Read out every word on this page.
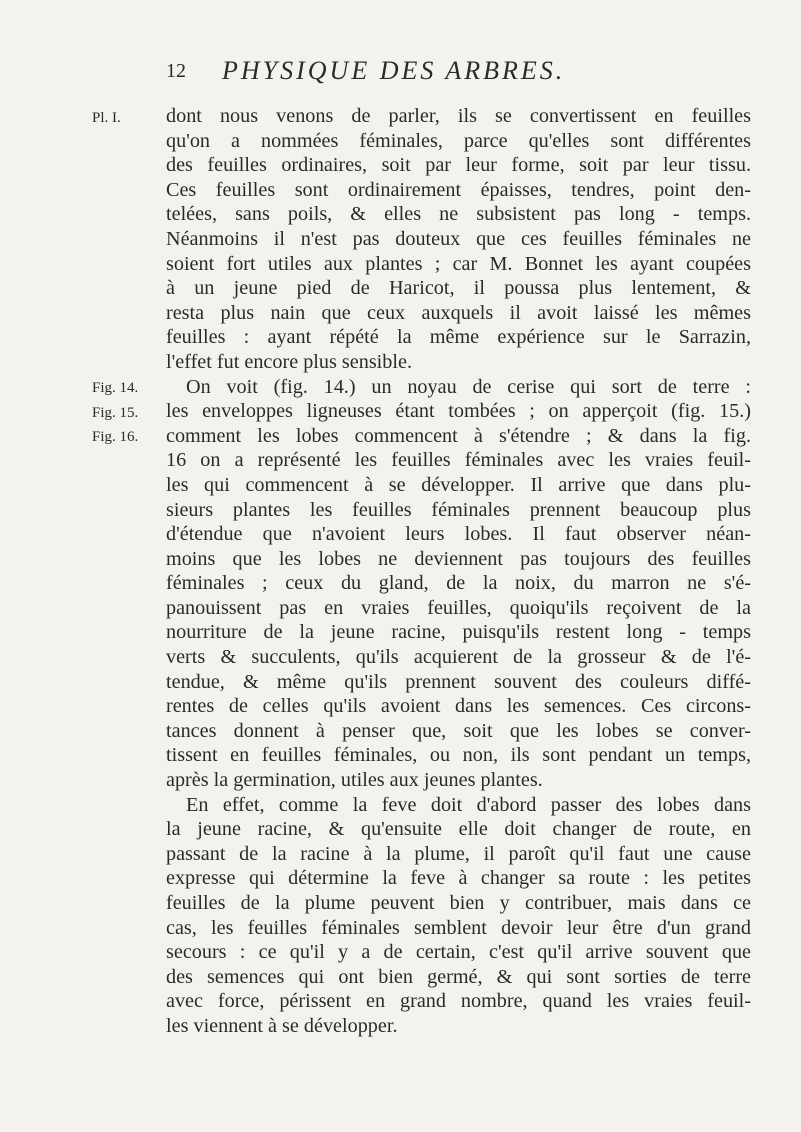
12 PHYSIQUE DES ARBRES.
Pl. I.
Fig. 14.
Fig. 15.
Fig. 16.
dont nous venons de parler, ils se convertissent en feuilles
qu'on a nommées féminales, parce qu'elles sont différentes
des feuilles ordinaires, soit par leur forme, soit par leur tissu.
Ces feuilles sont ordinairement épaisses, tendres, point den-
telées, sans poils, & elles ne subsistent pas long - temps.
Néanmoins il n'est pas douteux que ces feuilles féminales ne
soient fort utiles aux plantes ; car M. Bonnet les ayant coupées
à un jeune pied de Haricot, il poussa plus lentement, &
resta plus nain que ceux auxquels il avoit laissé les mêmes
feuilles : ayant répété la même expérience sur le Sarrazin,
l'effet fut encore plus sensible.
On voit (fig. 14.) un noyau de cerise qui sort de terre :
les enveloppes ligneuses étant tombées ; on apperçoit (fig. 15.)
comment les lobes commencent à s'étendre ; & dans la fig.
16 on a représenté les feuilles féminales avec les vraies feuil-
les qui commencent à se développer. Il arrive que dans plu-
sieurs plantes les feuilles féminales prennent beaucoup plus
d'étendue que n'avoient leurs lobes. Il faut observer néan-
moins que les lobes ne deviennent pas toujours des feuilles
féminales ; ceux du gland, de la noix, du marron ne s'é-
panouissent pas en vraies feuilles, quoiqu'ils reçoivent de la
nourriture de la jeune racine, puisqu'ils restent long - temps
verts & succulents, qu'ils acquierent de la grosseur & de l'é-
tendue, & même qu'ils prennent souvent des couleurs diffé-
rentes de celles qu'ils avoient dans les semences. Ces circons-
tances donnent à penser que, soit que les lobes se conver-
tissent en feuilles féminales, ou non, ils sont pendant un temps,
après la germination, utiles aux jeunes plantes.
En effet, comme la feve doit d'abord passer des lobes dans
la jeune racine, & qu'ensuite elle doit changer de route, en
passant de la racine à la plume, il paroît qu'il faut une cause
expresse qui détermine la feve à changer sa route : les petites
feuilles de la plume peuvent bien y contribuer, mais dans ce
cas, les feuilles féminales semblent devoir leur être d'un grand
secours : ce qu'il y a de certain, c'est qu'il arrive souvent que
des semences qui ont bien germé, & qui sont sorties de terre
avec force, périssent en grand nombre, quand les vraies feuil-
les viennent à se développer.
